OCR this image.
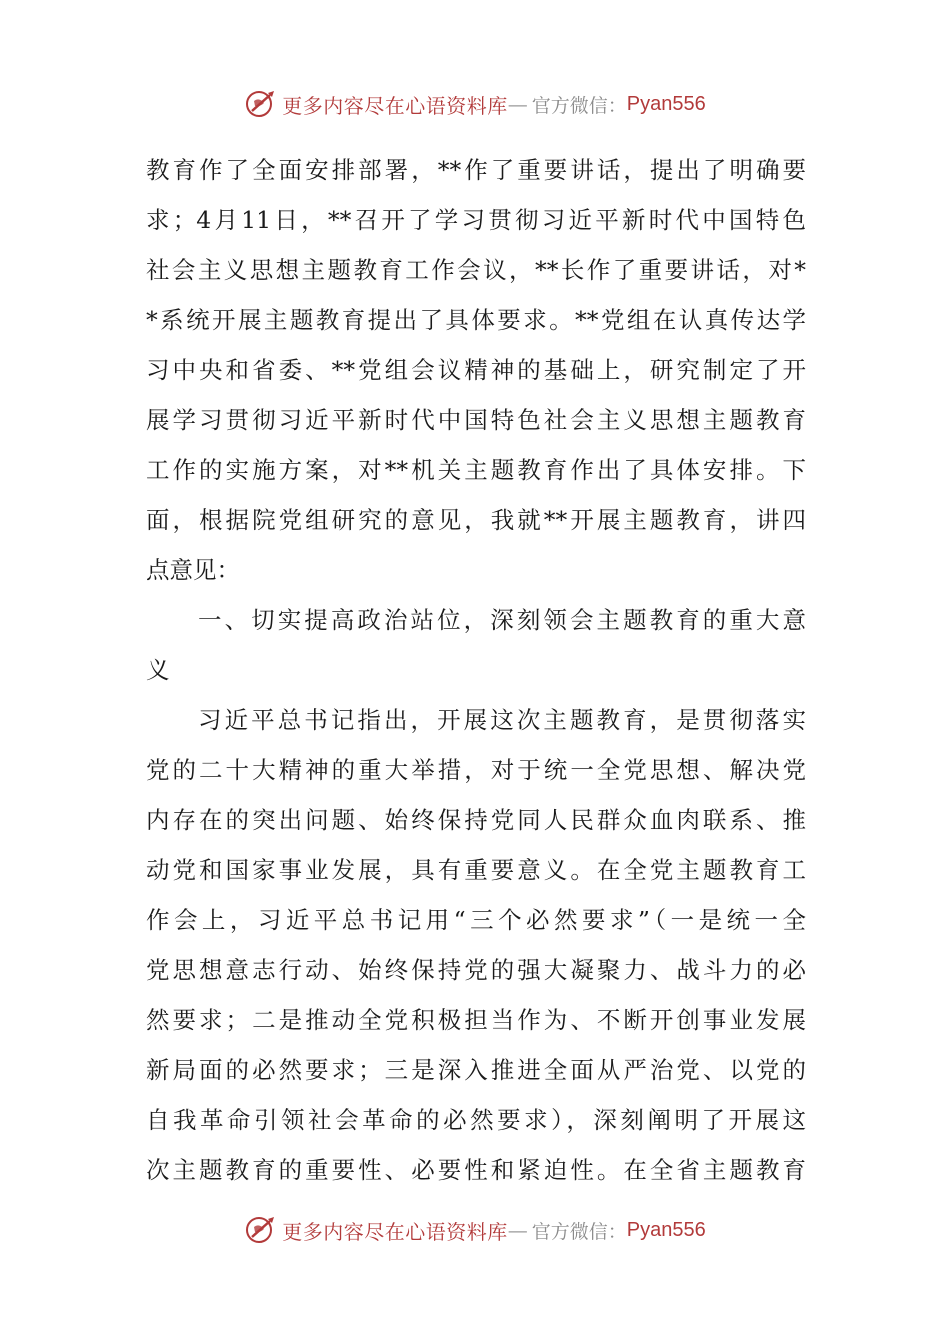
更多内容尽在心语资料库 — 官方微信： Pyan556
教育作了全面安排部署，**作了重要讲话，提出了明确要
求；4月11日，**召开了学习贯彻习近平新时代中国特色
社会主义思想主题教育工作会议，**长作了重要讲话，对*
*系统开展主题教育提出了具体要求。**党组在认真传达学
习中央和省委、**党组会议精神的基础上，研究制定了开
展学习贯彻习近平新时代中国特色社会主义思想主题教育
工作的实施方案，对**机关主题教育作出了具体安排。下
面，根据院党组研究的意见，我就**开展主题教育，讲四
点意见：
一、切实提高政治站位，深刻领会主题教育的重大意
义
习近平总书记指出，开展这次主题教育，是贯彻落实
党的二十大精神的重大举措，对于统一全党思想、解决党
内存在的突出问题、始终保持党同人民群众血肉联系、推
动党和国家事业发展，具有重要意义。在全党主题教育工
作会上，习近平总书记用“三个必然要求”（一是统一全
党思想意志行动、始终保持党的强大凝聚力、战斗力的必
然要求；二是推动全党积极担当作为、不断开创事业发展
新局面的必然要求；三是深入推进全面从严治党、以党的
自我革命引领社会革命的必然要求），深刻阐明了开展这
次主题教育的重要性、必要性和紧迫性。在全省主题教育
更多内容尽在心语资料库 — 官方微信： Pyan556
